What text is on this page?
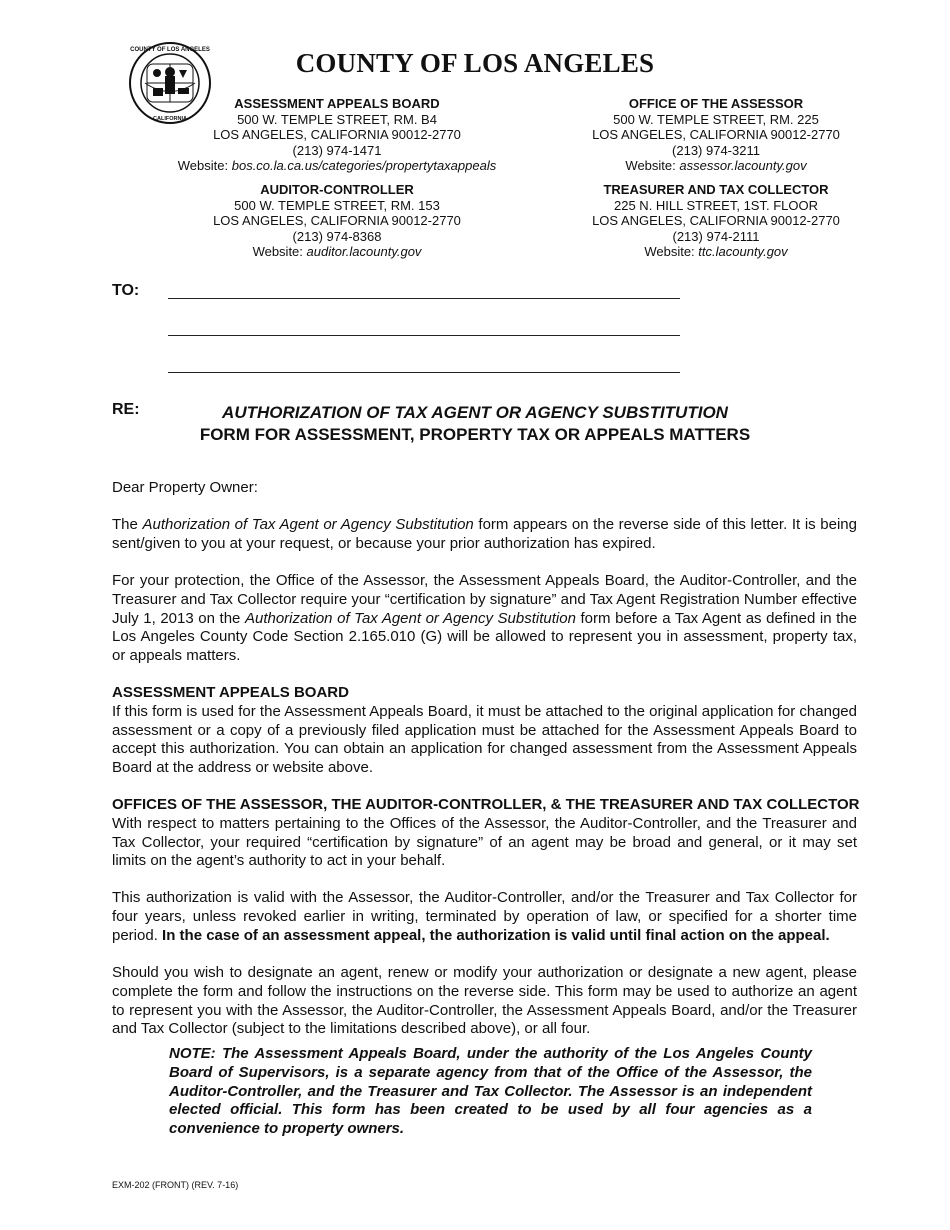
COUNTY OF LOS ANGELES
CALIFORNIA
COUNTY OF LOS ANGELES
ASSESSMENT APPEALS BOARD
500 W. TEMPLE STREET, RM. B4
LOS ANGELES, CALIFORNIA 90012-2770
(213) 974-1471
Website: bos.co.la.ca.us/categories/propertytaxappeals
OFFICE OF THE ASSESSOR
500 W. TEMPLE STREET, RM. 225
LOS ANGELES, CALIFORNIA 90012-2770
(213) 974-3211
Website: assessor.lacounty.gov
AUDITOR-CONTROLLER
500 W. TEMPLE STREET, RM. 153
LOS ANGELES, CALIFORNIA 90012-2770
(213) 974-8368
Website: auditor.lacounty.gov
TREASURER AND TAX COLLECTOR
225 N. HILL STREET, 1ST. FLOOR
LOS ANGELES, CALIFORNIA 90012-2770
(213) 974-2111
Website: ttc.lacounty.gov
TO:
RE:	AUTHORIZATION OF TAX AGENT OR AGENCY SUBSTITUTION
FORM FOR ASSESSMENT, PROPERTY TAX OR APPEALS MATTERS
Dear Property Owner:

The Authorization of Tax Agent or Agency Substitution form appears on the reverse side of this letter. It is being sent/given to you at your request, or because your prior authorization has expired.

For your protection, the Office of the Assessor, the Assessment Appeals Board, the Auditor-Controller, and the Treasurer and Tax Collector require your “certification by signature” and Tax Agent Registration Number effective July 1, 2013 on the Authorization of Tax Agent or Agency Substitution form before a Tax Agent as defined in the Los Angeles County Code Section 2.165.010 (G) will be allowed to represent you in assessment, property tax, or appeals matters.

ASSESSMENT APPEALS BOARD

If this form is used for the Assessment Appeals Board, it must be attached to the original application for changed assessment or a copy of a previously filed application must be attached for the Assessment Appeals Board to accept this authorization. You can obtain an application for changed assessment from the Assessment Appeals Board at the address or website above.

OFFICES OF THE ASSESSOR, THE AUDITOR-CONTROLLER, & THE TREASURER AND TAX COLLECTOR

With respect to matters pertaining to the Offices of the Assessor, the Auditor-Controller, and the Treasurer and Tax Collector, your required “certification by signature” of an agent may be broad and general, or it may set limits on the agent’s authority to act in your behalf.

This authorization is valid with the Assessor, the Auditor-Controller, and/or the Treasurer and Tax Collector for four years, unless revoked earlier in writing, terminated by operation of law, or specified for a shorter time period. In the case of an assessment appeal, the authorization is valid until final action on the appeal.

Should you wish to designate an agent, renew or modify your authorization or designate a new agent, please complete the form and follow the instructions on the reverse side. This form may be used to authorize an agent to represent you with the Assessor, the Auditor-Controller, the Assessment Appeals Board, and/or the Treasurer and Tax Collector (subject to the limitations described above), or all four.
NOTE: The Assessment Appeals Board, under the authority of the Los Angeles County Board of Supervisors, is a separate agency from that of the Office of the Assessor, the Auditor-Controller, and the Treasurer and Tax Collector. The Assessor is an independent elected official. This form has been created to be used by all four agencies as a convenience to property owners.
EXM-202 (FRONT) (REV. 7-16)
